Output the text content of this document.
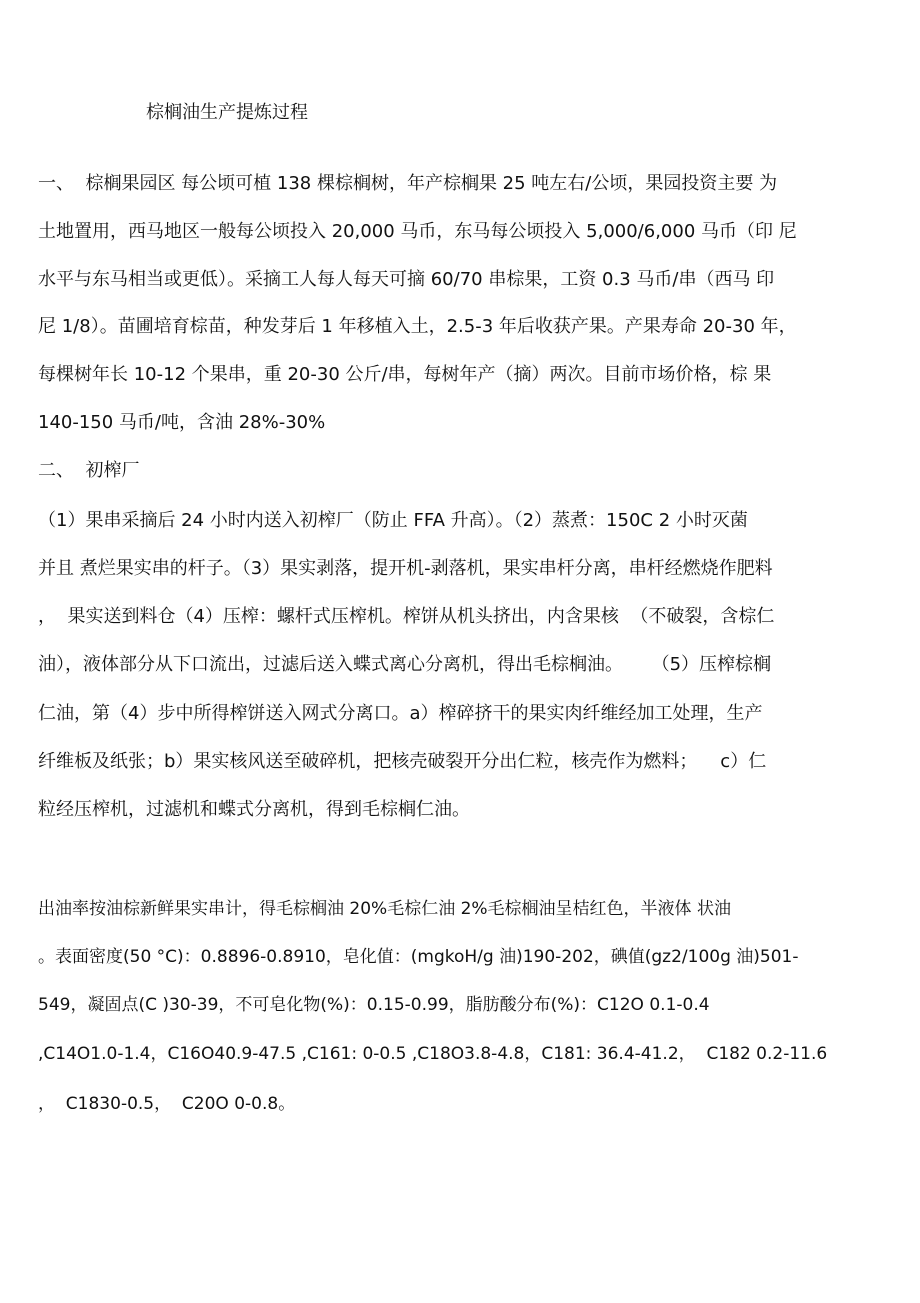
棕榈油生产提炼过程
一、  棕榈果园区 每公顷可植 138 棵棕榈树，年产棕榈果 25 吨左右/公顷，果园投资主要 为
土地置用，西马地区一般每公顷投入 20,000 马币，东马每公顷投入 5,000/6,000 马币（印 尼
水平与东马相当或更低）。采摘工人每人每天可摘 60/70 串棕果，工资 0.3 马币/串（西马 印
尼 1/8）。苗圃培育棕苗，种发芽后 1 年移植入土，2.5-3 年后收获产果。产果寿命 20-30 年，
每棵树年长 10-12 个果串，重 20-30 公斤/串，每树年产（摘）两次。目前市场价格，棕 果
140-150 马币/吨，含油 28%-30%
二、  初榨厂
（1）果串采摘后 24 小时内送入初榨厂（防止 FFA 升高）。（2）蒸煮：150C 2 小时灭菌
并且 煮烂果实串的杆子。（3）果实剥落，提开机-剥落机，果实串杆分离，串杆经燃烧作肥料
，  果实送到料仓（4）压榨：螺杆式压榨机。榨饼从机头挤出，内含果核  （不破裂，含棕仁
油），液体部分从下口流出，过滤后送入蝶式离心分离机，得出毛棕榈油。     （5）压榨棕榈
仁油，第（4）步中所得榨饼送入网式分离口。a）榨碎挤干的果实肉纤维经加工处理，生产
纤维板及纸张；b）果实核风送至破碎机，把核壳破裂开分出仁粒，核壳作为燃料；    c）仁
粒经压榨机，过滤机和蝶式分离机，得到毛棕榈仁油。
出油率按油棕新鲜果实串计，得毛棕榈油 20%毛棕仁油 2%毛棕榈油呈桔红色，半液体 状油
。表面密度(50 °C)：0.8896-0.8910，皂化值：(mgkoH/g 油)190-202，碘值(gz2/100g 油)501-
549，凝固点(C )30-39，不可皂化物(%)：0.15-0.99，脂肪酸分布(%)：C12O 0.1-0.4
,C14O1.0-1.4，C16O40.9-47.5 ,C161: 0-0.5 ,C18O3.8-4.8，C181: 36.4-41.2，  C182 0.2-11.6
，  C1830-0.5，  C20O 0-0.8。
